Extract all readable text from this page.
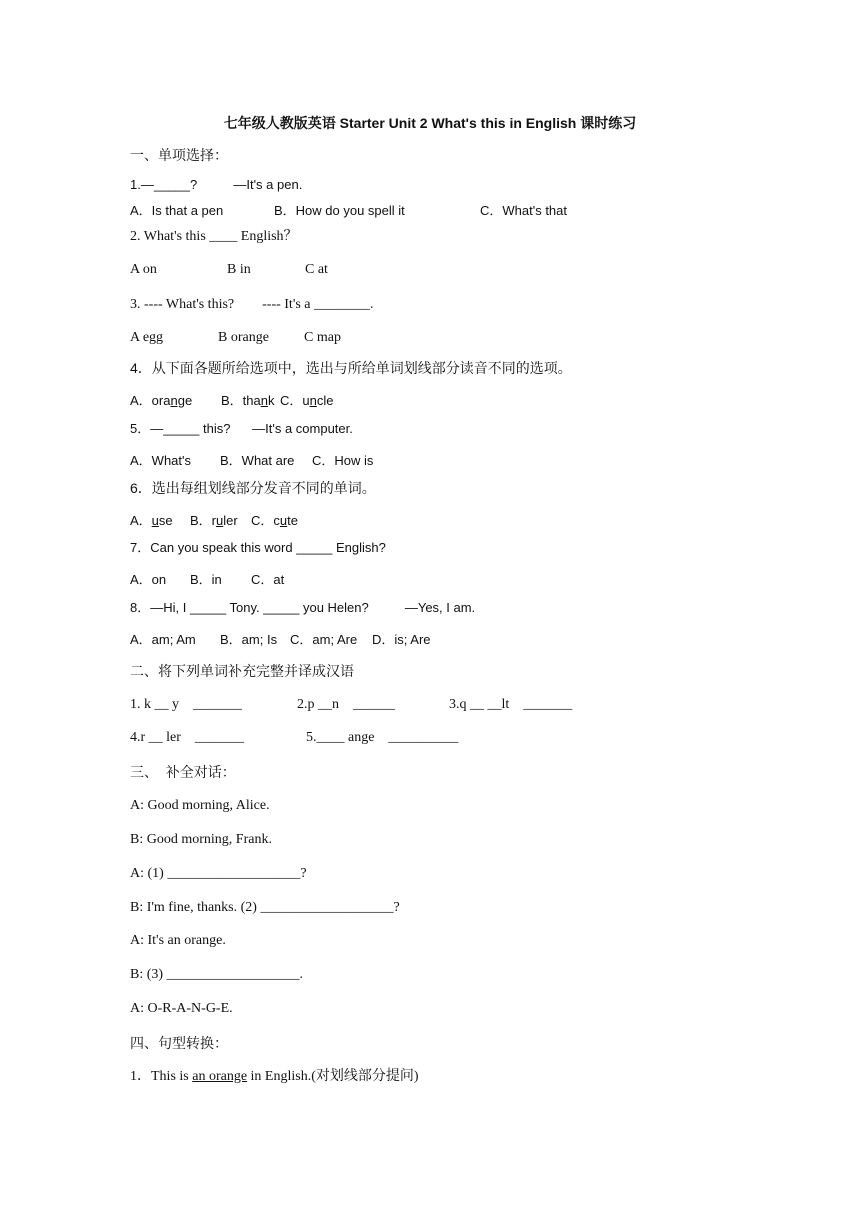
七年级人教版英语 Starter Unit 2 What's this in English 课时练习
一、单项选择：
1.—_____?          —It's a pen.
A．Is that a pen	B．How do you spell it	C．What's that
2. What's this ____ English？
A on	B in	C at
3. ---- What's this?        ---- It's a ________.
A egg	B orange	C map
4．从下面各题所给选项中，选出与所给单词划线部分读音不同的选项。
A．orange B．thank C．uncle
5．—_____ this?      —It's a computer.
A．What's B．What are C．How is
6．选出每组划线部分发音不同的单词。
A．use B．ruler C．cute
7．Can you speak this word _____ English?
A．on B．in C．at
8．—Hi, I _____ Tony. _____ you Helen?          —Yes, I am.
A．am; Am B．am; Is C．am; Are D．is; Are
二、将下列单词补充完整并译成汉语
1. k __ y    _______	2.p __n    ______	3.q __ __lt    _______
4.r __ ler    _______	5.____ ange    __________
三、  补全对话：
A: Good morning, Alice.
B: Good morning, Frank.
A: (1) ___________________?
B: I'm fine, thanks. (2) ___________________?
A: It's an orange.
B: (3) ___________________.
A: O-R-A-N-G-E.
四、句型转换：
1．This is an orange in English.(对划线部分提问)
